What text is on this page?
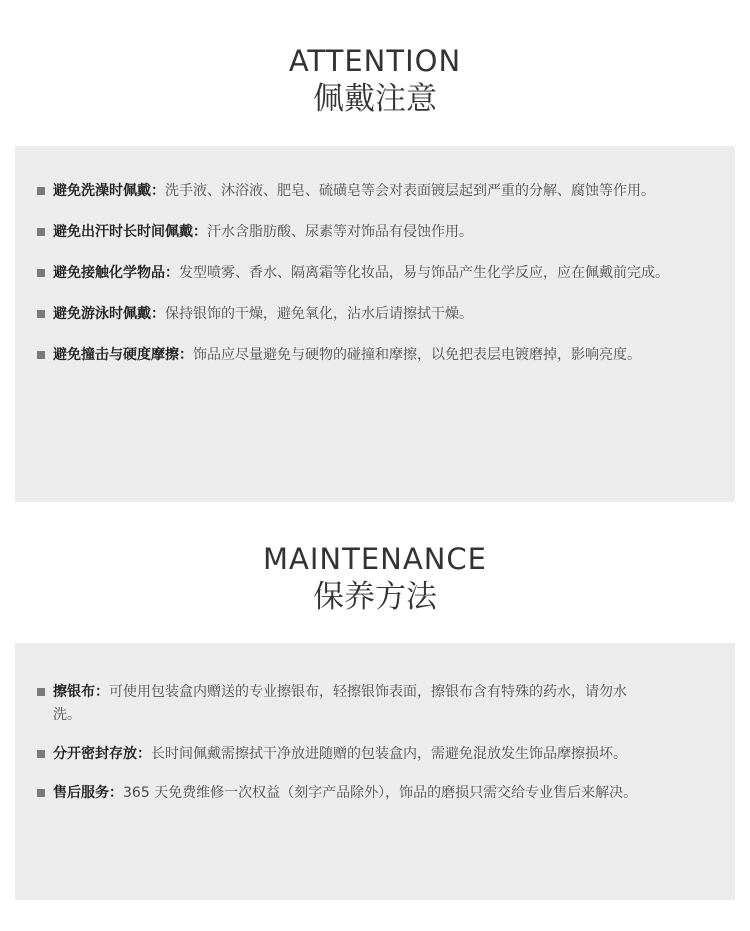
ATTENTION
佩戴注意
避免洗澡时佩戴：洗手液、沐浴液、肥皂、硫磺皂等会对表面镀层起到严重的分解、腐蚀等作用。
避免出汗时长时间佩戴：汗水含脂肪酸、尿素等对饰品有侵蚀作用。
避免接触化学物品：发型喷雾、香水、隔离霜等化妆品，易与饰品产生化学反应，应在佩戴前完成。
避免游泳时佩戴：保持银饰的干燥，避免氧化，沾水后请擦拭干燥。
避免撞击与硬度摩擦：饰品应尽量避免与硬物的碰撞和摩擦，以免把表层电镀磨掉，影响亮度。
MAINTENANCE
保养方法
擦银布：可使用包装盒内赠送的专业擦银布，轻擦银饰表面，擦银布含有特殊的药水，请勿水洗。
分开密封存放：长时间佩戴需擦拭干净放进随赠的包装盒内，需避免混放发生饰品摩擦损坏。
售后服务：365 天免费维修一次权益（刻字产品除外），饰品的磨损只需交给专业售后来解决。
